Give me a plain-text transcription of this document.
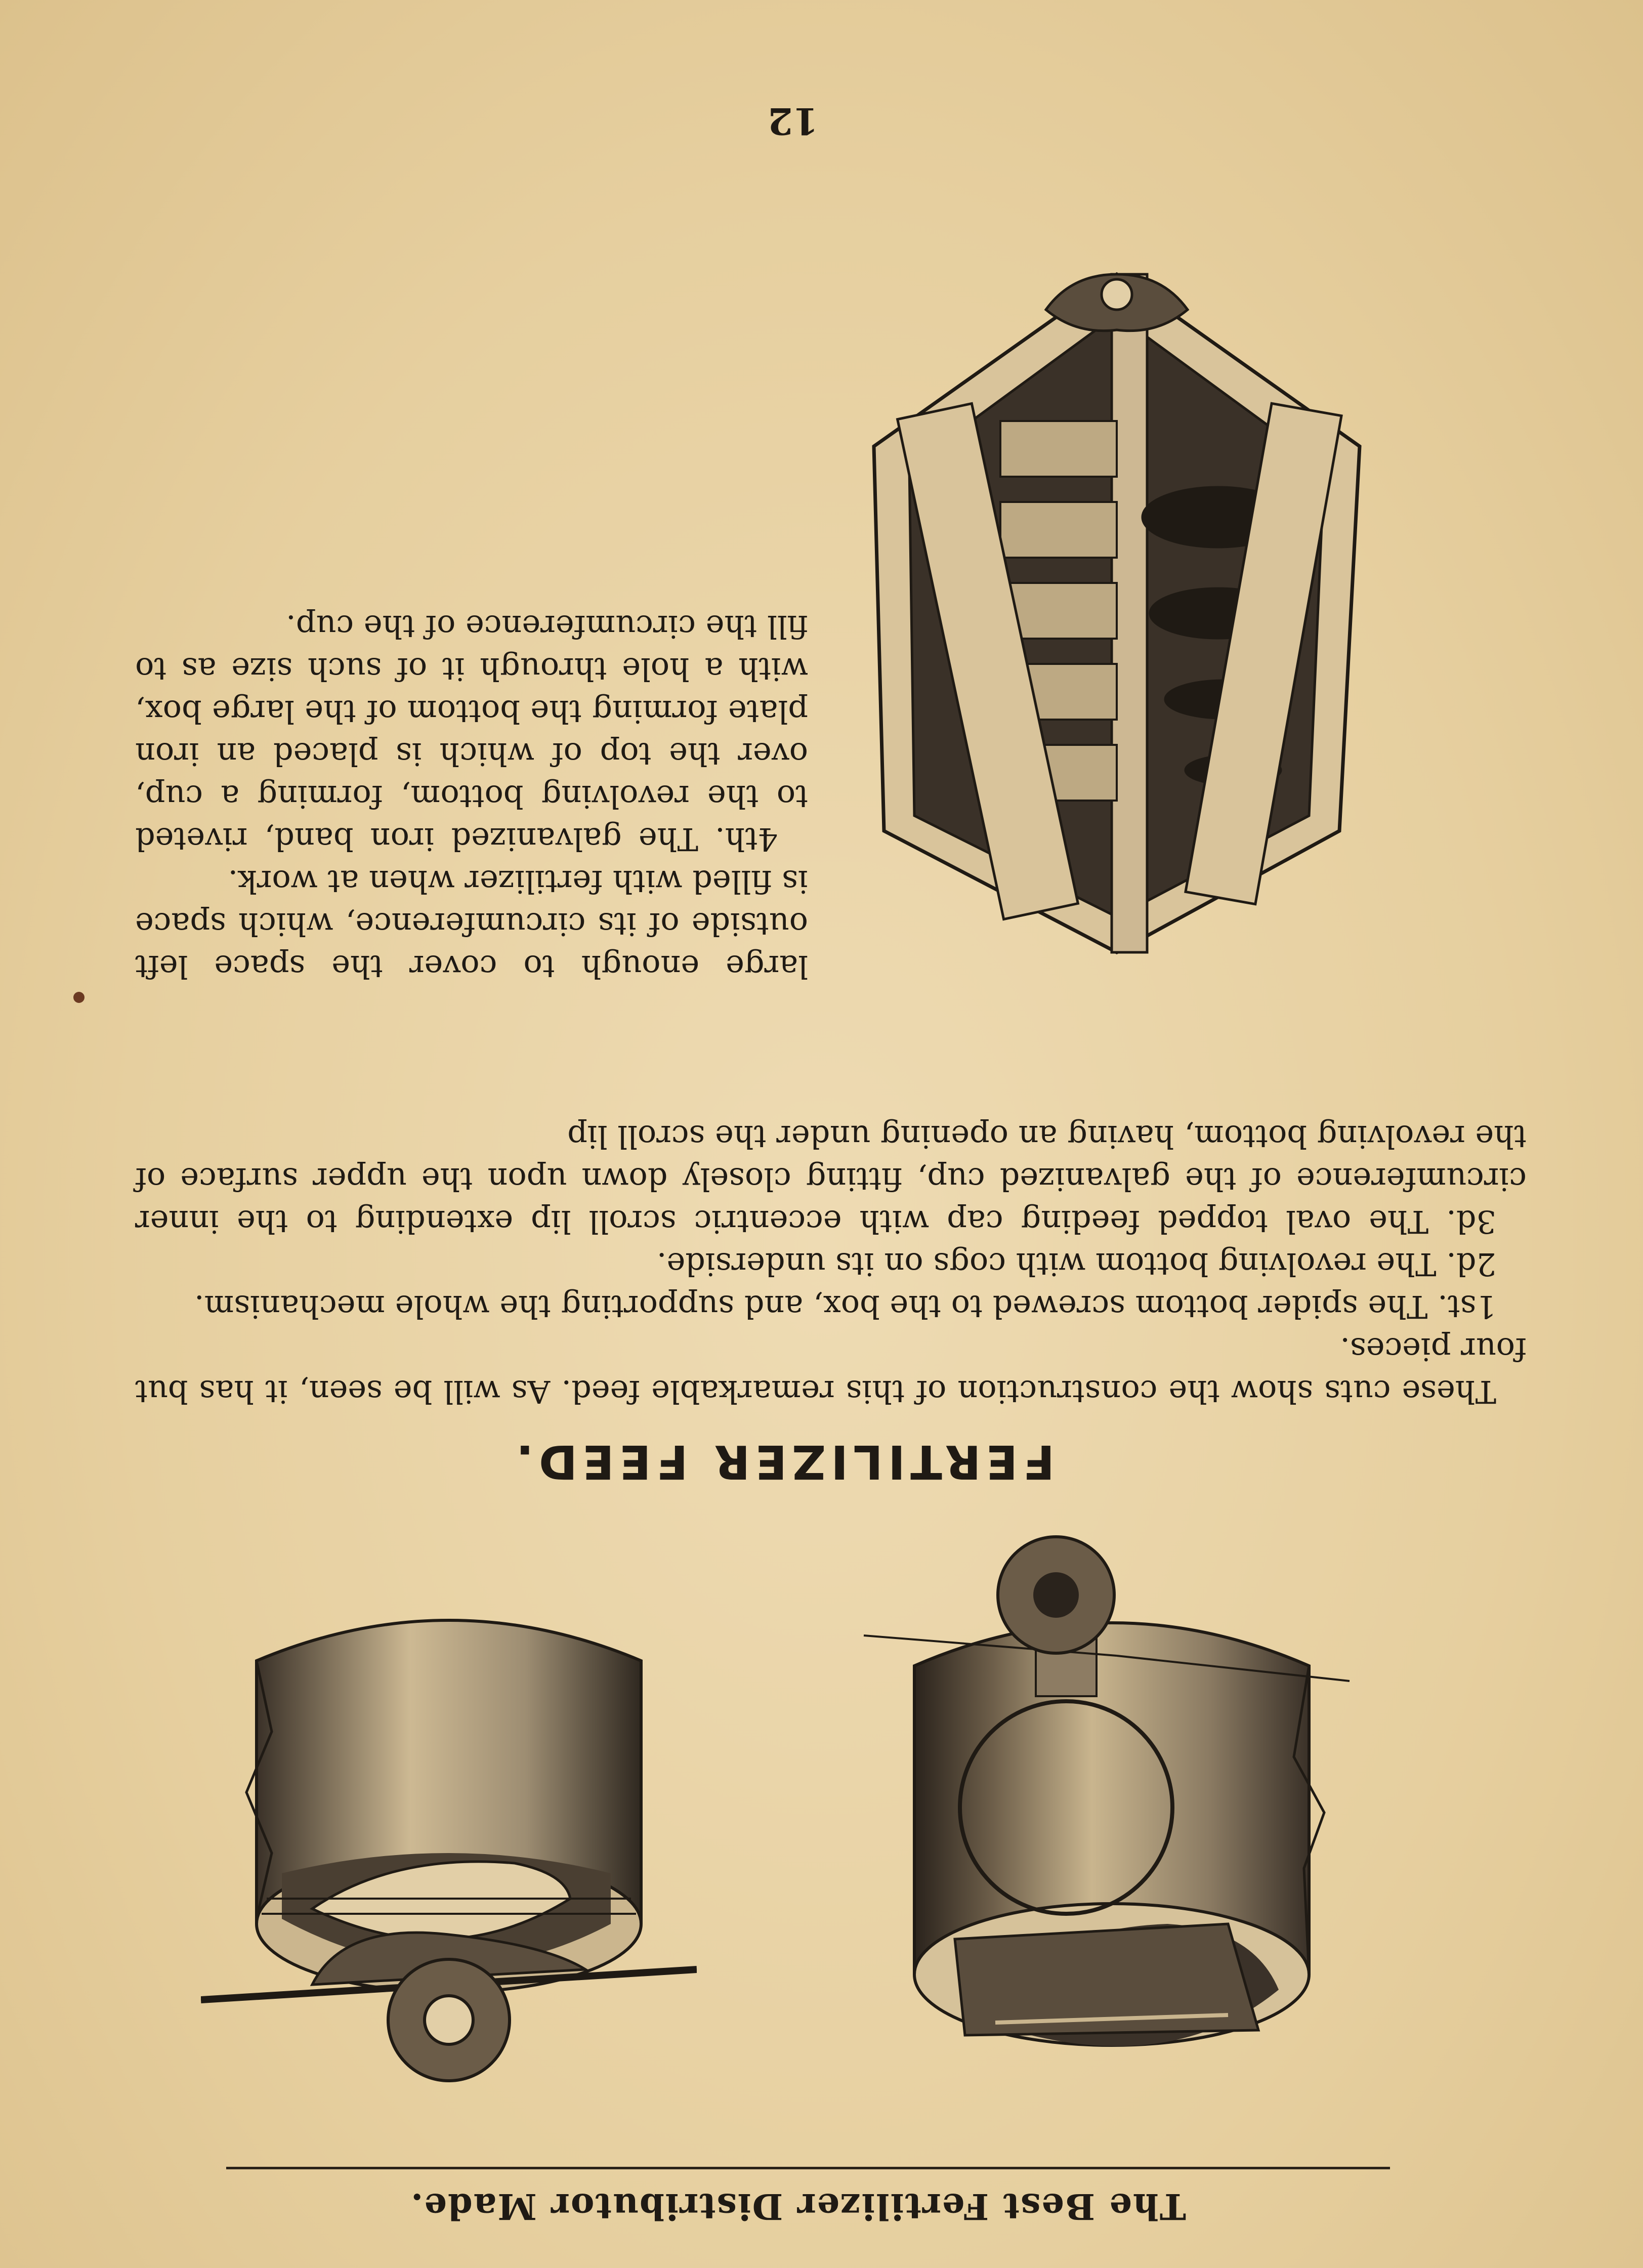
The Best Fertilizer Distributor Made.
FERTILIZER FEED.

These cuts show the construction of this remarkable feed. As will be seen, it has but four pieces.

1st. The spider bottom screwed to the box, and supporting the whole mechanism.

2d. The revolving bottom with cogs on its underside.

3d. The oval topped feeding cap with eccentric scroll lip extending to the inner circumference of the galvanized cup, fitting closely down upon the upper surface of the revolving bottom, having an opening under the scroll lip

large enough to cover the space left outside of its circumference, which space is filled with fertilizer when at work.

4th. The galvanized iron band, riveted to the revolving bottom, forming a cup, over the top of which is placed an iron plate forming the bottom of the large box, with a hole through it of such size as to fill the circumference of the cup.

12
